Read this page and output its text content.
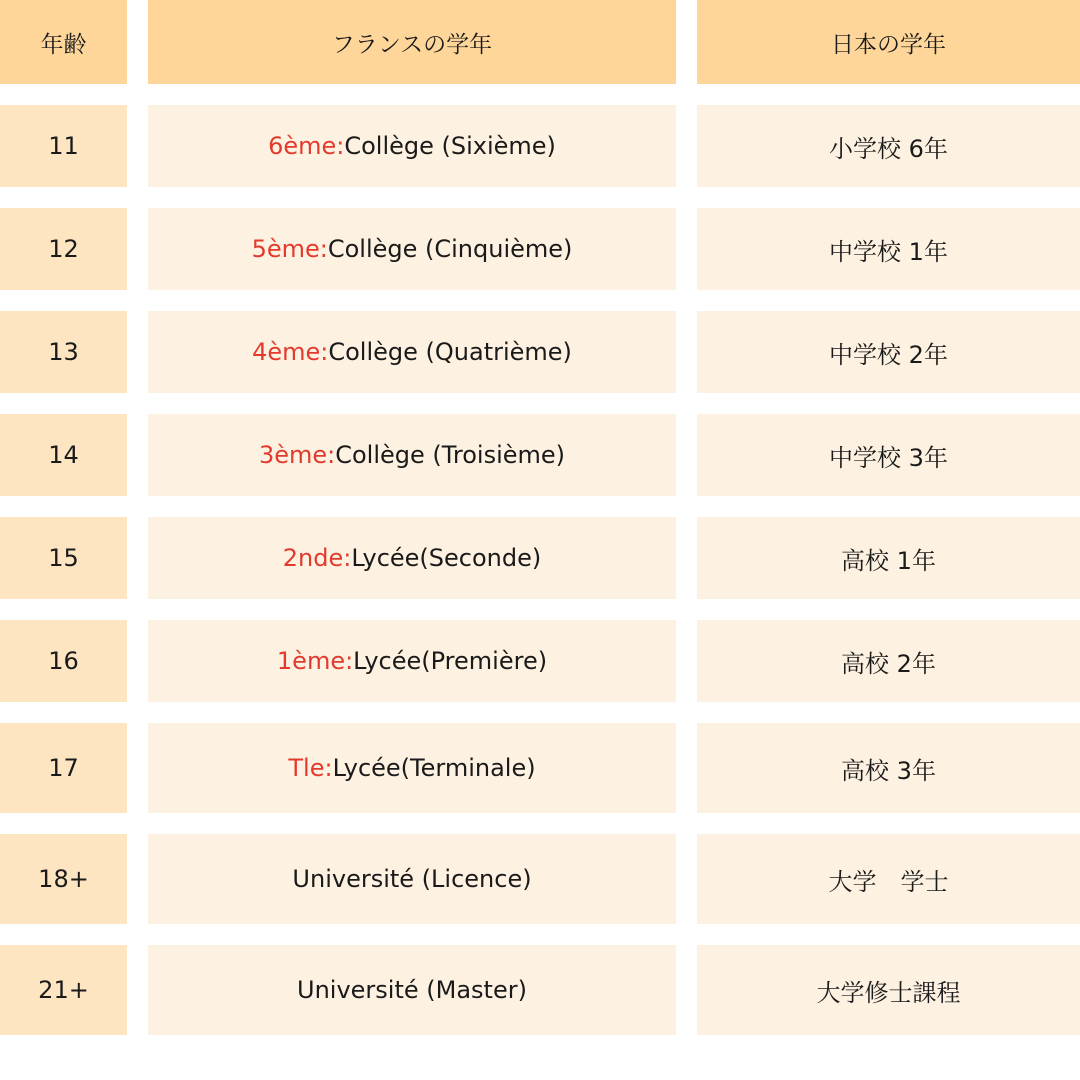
年齢	フランスの学年	日本の学年
11	6ème: Collège (Sixième)	小学校 6年
12	5ème: Collège (Cinquième)	中学校 1年
13	4ème: Collège (Quatrième)	中学校 2年
14	3ème: Collège (Troisième)	中学校 3年
15	2nde: Lycée(Seconde)	高校 1年
16	1ème: Lycée(Première)	高校 2年
17	Tle: Lycée(Terminale)	高校 3年
18+	Université (Licence)	大学　学士
21+	Université (Master)	大学修士課程
